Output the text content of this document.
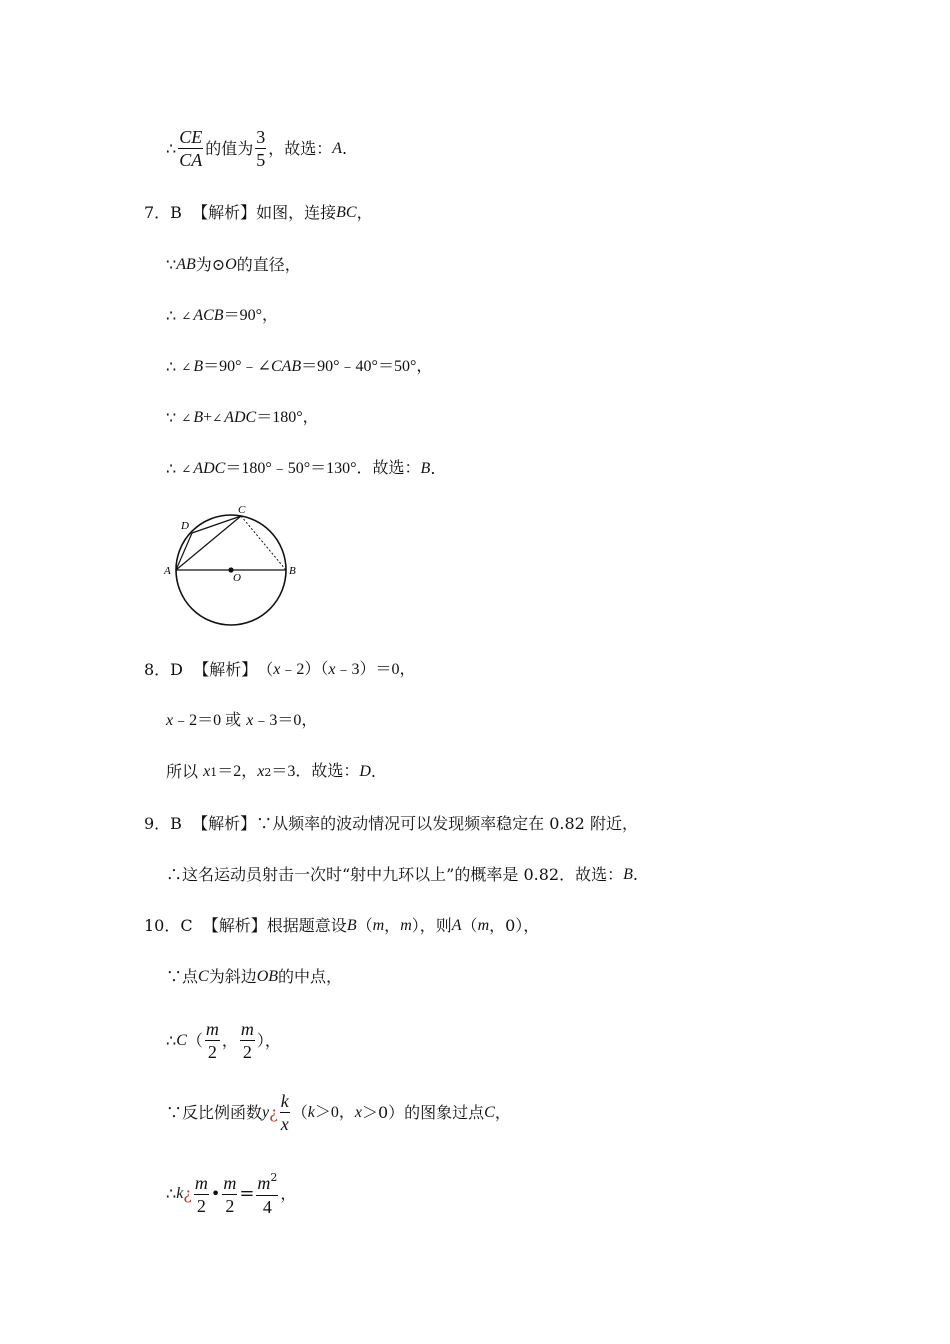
∴ $\frac{CE}{CA}$ 的值为 $\frac{3}{5}$ ，故选： A .
7．B
【解析】 如图，连接 BC ，
∵ AB 为⊙ O 的直径，
∴
∠ ACB ＝90°，
∴
∠ B ＝90°﹣∠ CAB ＝90°﹣40°＝50°，
∵
∠ B + ∠ ADC ＝180°，
∴
∠ ADC ＝180°﹣50°＝130°．故选： B .
A	B
C
D
O
8．D
【解析】 （ x ﹣2）（ x ﹣3）＝0，
x ﹣2＝0 或
x ﹣3＝0，
所以
x 1 ＝2， x 2 ＝3．故选： D .
9．B
【解析】 ∵从频率的波动情况可以发现频率稳定在 0.82 附近，
∴这名运动员射击一次时“射中九环以上”的概率是 0.82．故选： B .
10．C
【解析】 根据题意设 B （ m ， m ），则 A （ m ，0），
∵点 C 为斜边 OB 的中点，
∴ C （ $\frac{m}{2}$ ， $\frac{m}{2}$ ），
∵反比例函数 y ¿ $\frac{k}{x}$ （ k ＞0， x ＞0）的图象过点 C ，
∴ k ¿ $\frac{m}{2}$ • $\frac{m}{2} = \frac{m^2}{4}$ ，
